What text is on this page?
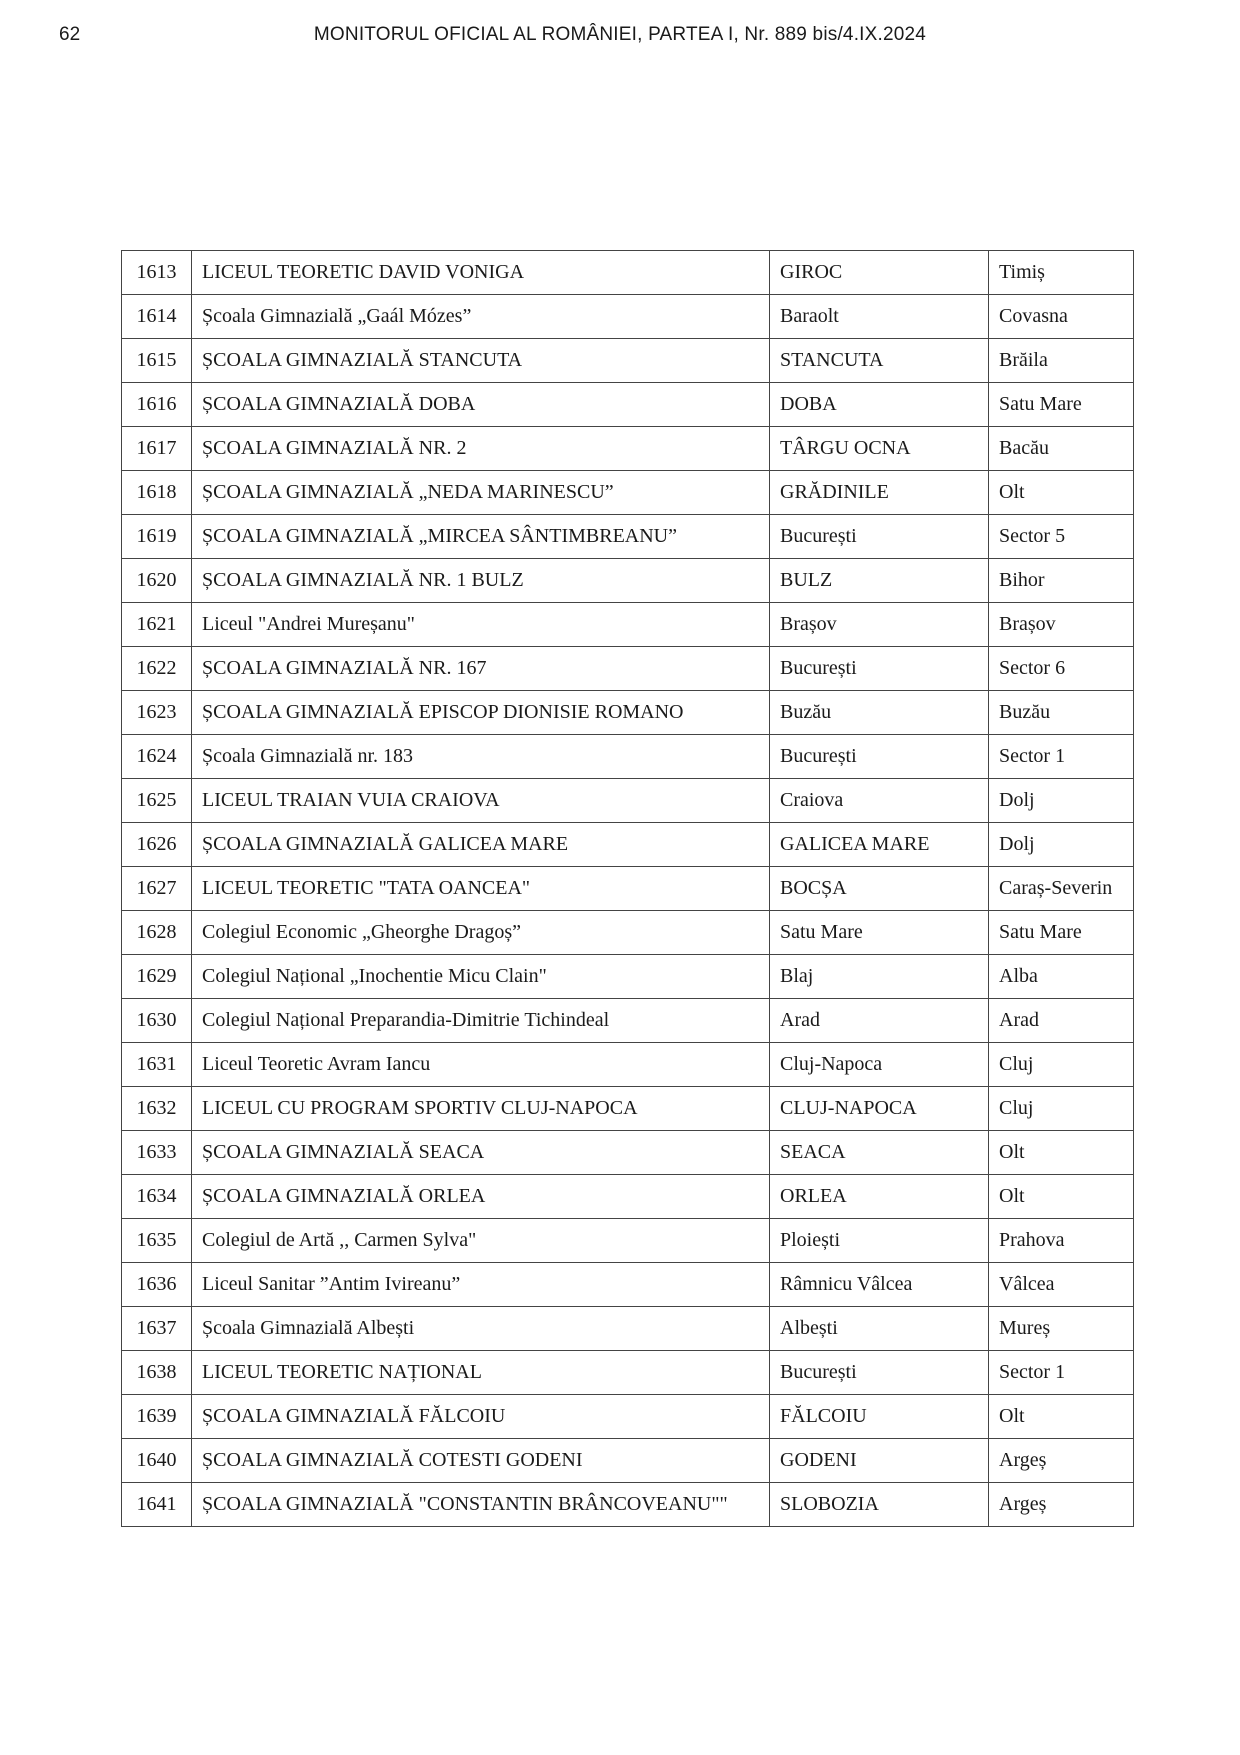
62	MONITORUL OFICIAL AL ROMÂNIEI, PARTEA I, Nr. 889 bis/4.IX.2024
1613	LICEUL TEORETIC DAVID VONIGA	GIROC	Timiș
1614	Școala Gimnazială „Gaál Mózes”	Baraolt	Covasna
1615	ȘCOALA GIMNAZIALĂ STANCUTA	STANCUTA	Brăila
1616	ȘCOALA GIMNAZIALĂ DOBA	DOBA	Satu Mare
1617	ȘCOALA GIMNAZIALĂ NR. 2	TÂRGU OCNA	Bacău
1618	ȘCOALA GIMNAZIALĂ „NEDA MARINESCU”	GRĂDINILE	Olt
1619	ȘCOALA GIMNAZIALĂ „MIRCEA SÂNTIMBREANU”	București	Sector 5
1620	ȘCOALA GIMNAZIALĂ NR. 1 BULZ	BULZ	Bihor
1621	Liceul "Andrei Mureșanu"	Brașov	Brașov
1622	ȘCOALA GIMNAZIALĂ NR. 167	București	Sector 6
1623	ȘCOALA GIMNAZIALĂ EPISCOP DIONISIE ROMANO	Buzău	Buzău
1624	Școala Gimnazială nr. 183	București	Sector 1
1625	LICEUL TRAIAN VUIA CRAIOVA	Craiova	Dolj
1626	ȘCOALA GIMNAZIALĂ GALICEA MARE	GALICEA MARE	Dolj
1627	LICEUL TEORETIC "TATA OANCEA"	BOCȘA	Caraș-Severin
1628	Colegiul Economic „Gheorghe Dragoș”	Satu Mare	Satu Mare
1629	Colegiul Național „Inochentie Micu Clain"	Blaj	Alba
1630	Colegiul Național Preparandia-Dimitrie Tichindeal	Arad	Arad
1631	Liceul Teoretic Avram Iancu	Cluj-Napoca	Cluj
1632	LICEUL CU PROGRAM SPORTIV CLUJ-NAPOCA	CLUJ-NAPOCA	Cluj
1633	ȘCOALA GIMNAZIALĂ SEACA	SEACA	Olt
1634	ȘCOALA GIMNAZIALĂ ORLEA	ORLEA	Olt
1635	Colegiul de Artă ,, Carmen Sylva"	Ploiești	Prahova
1636	Liceul Sanitar ”Antim Ivireanu”	Râmnicu Vâlcea	Vâlcea
1637	Școala Gimnazială Albești	Albești	Mureș
1638	LICEUL TEORETIC NAȚIONAL	București	Sector 1
1639	ȘCOALA GIMNAZIALĂ FĂLCOIU	FĂLCOIU	Olt
1640	ȘCOALA GIMNAZIALĂ COTESTI GODENI	GODENI	Argeș
1641	ȘCOALA GIMNAZIALĂ "CONSTANTIN BRÂNCOVEANU""	SLOBOZIA	Argeș
